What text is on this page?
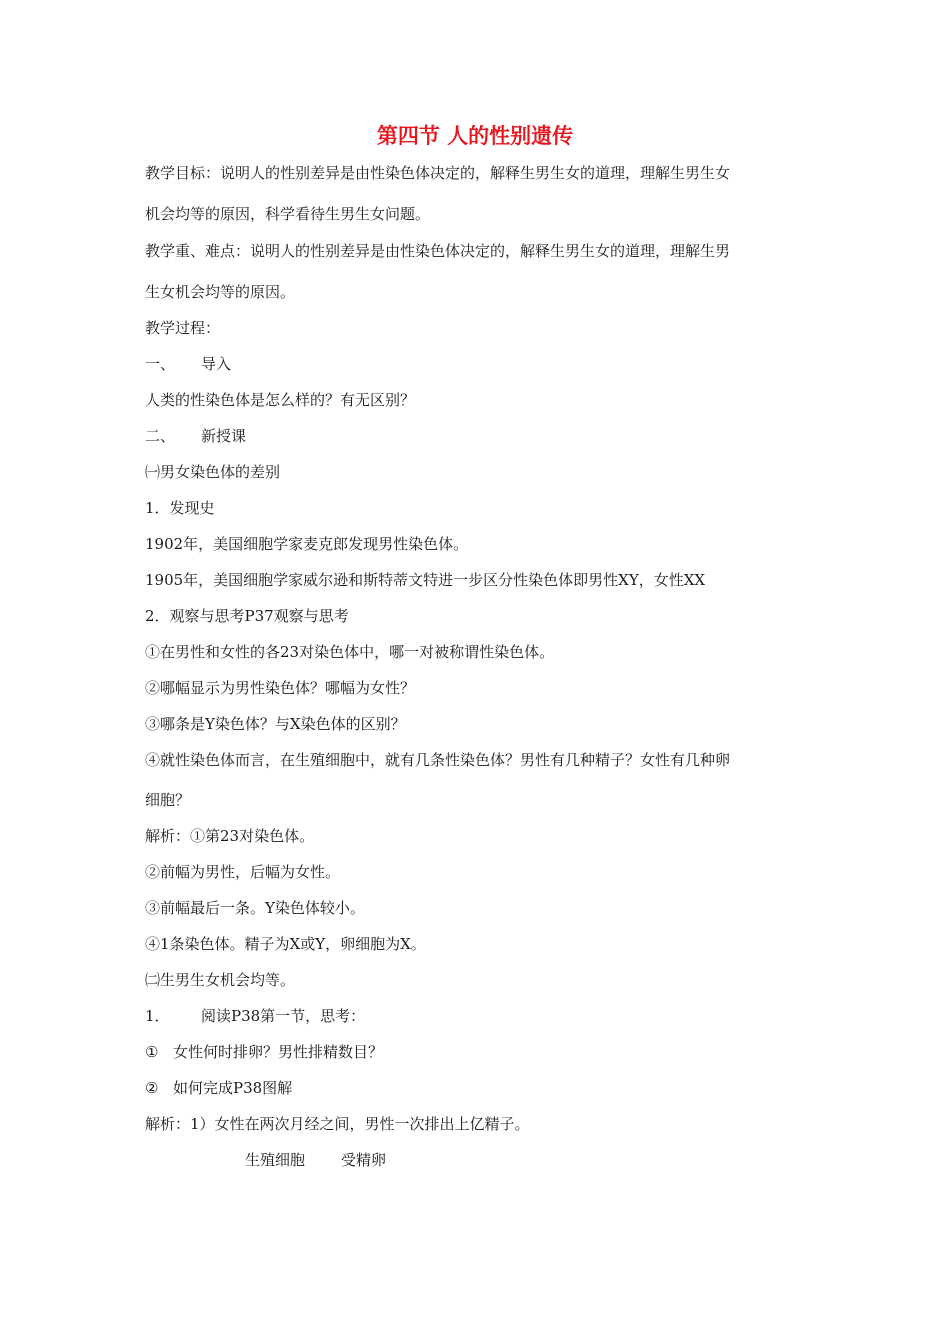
第四节 人的性别遗传

教学目标：说明人的性别差异是由性染色体决定的，解释生男生女的道理，理解生男生女

机会均等的原因，科学看待生男生女问题。

教学重、难点：说明人的性别差异是由性染色体决定的，解释生男生女的道理，理解生男

生女机会均等的原因。

教学过程：

一、 导入

人类的性染色体是怎么样的？有无区别？

二、 新授课

㈠男女染色体的差别

1．发现史

1902年，美国细胞学家麦克郎发现男性染色体。

1905年，美国细胞学家威尔逊和斯特蒂文特进一步区分性染色体即男性XY，女性XX

2．观察与思考P37观察与思考

①在男性和女性的各23对染色体中，哪一对被称谓性染色体。

②哪幅显示为男性染色体？哪幅为女性？

③哪条是Y染色体？与X染色体的区别？

④就性染色体而言，在生殖细胞中，就有几条性染色体？男性有几种精子？女性有几种卵

细胞？

解析：①第23对染色体。

②前幅为男性，后幅为女性。

③前幅最后一条。Y染色体较小。

④1条染色体。精子为X或Y，卵细胞为X。

㈡生男生女机会均等。

1． 阅读P38第一节，思考：

① 女性何时排卵？男性排精数目？

② 如何完成P38图解

解析：1）女性在两次月经之间，男性一次排出上亿精子。

生殖细胞 受精卵
